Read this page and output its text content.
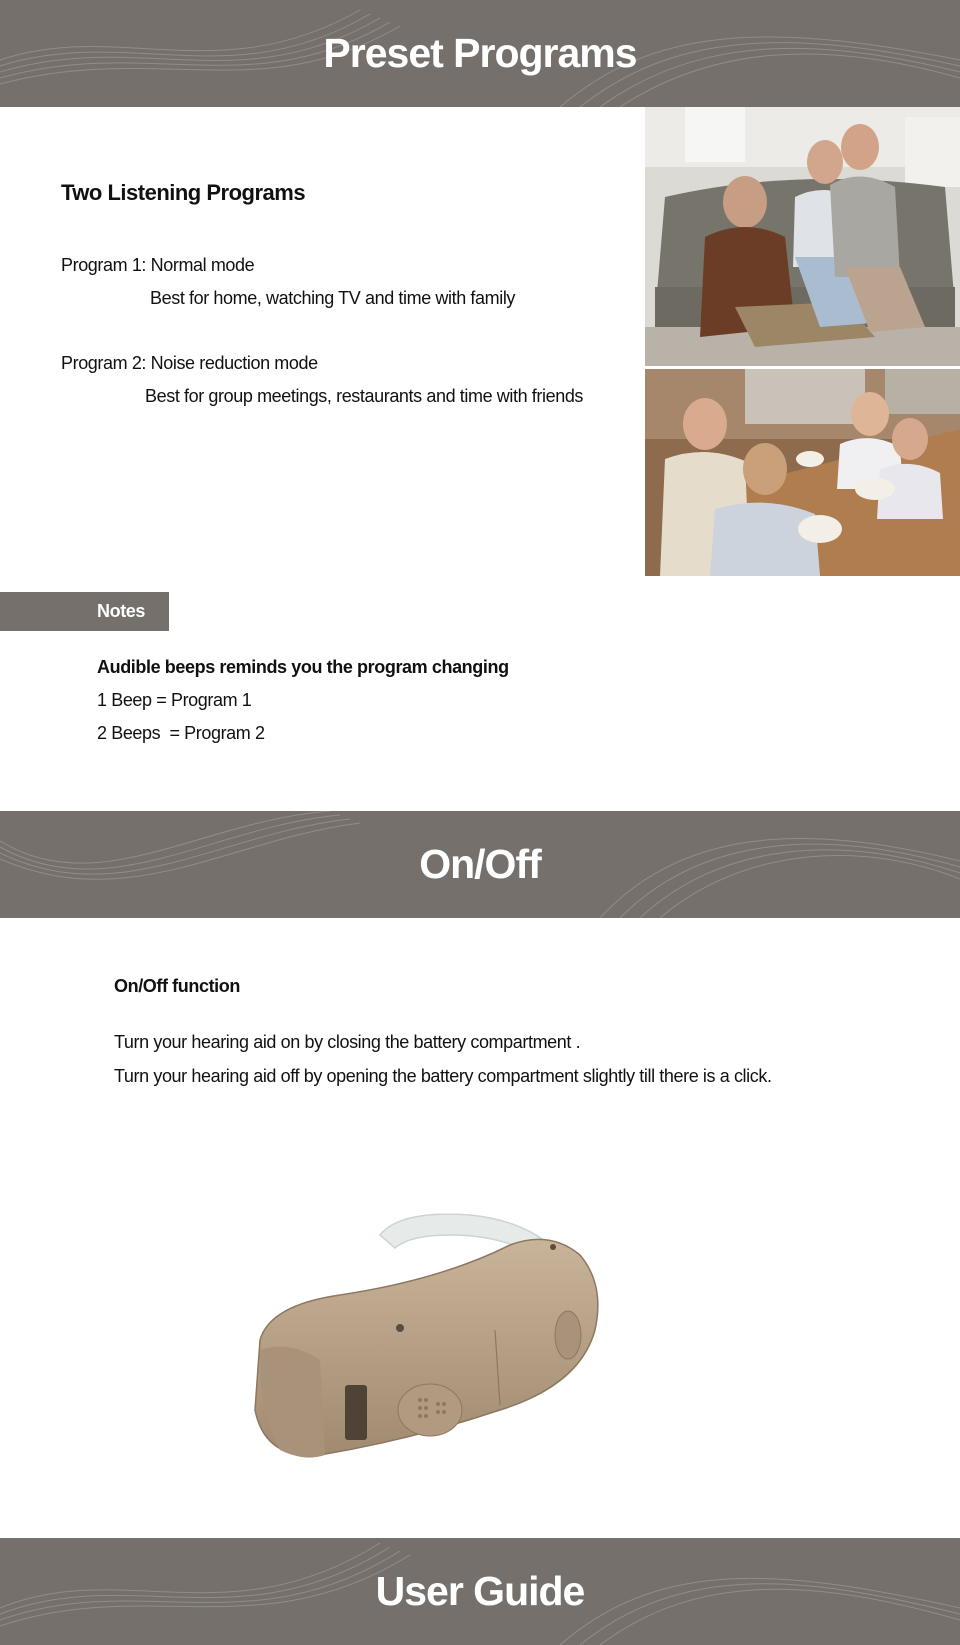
Preset Programs

Two Listening Programs

Program 1: Normal mode

Best for home, watching TV and time with family

Program 2: Noise reduction mode

Best for group meetings, restaurants and time with friends

Notes

Audible beeps reminds you the program changing

1 Beep = Program 1

2 Beeps  = Program 2

On/Off

On/Off function

Turn your hearing aid on by closing the battery compartment .

Turn your hearing aid off by opening the battery compartment slightly till there is a click.

User Guide
